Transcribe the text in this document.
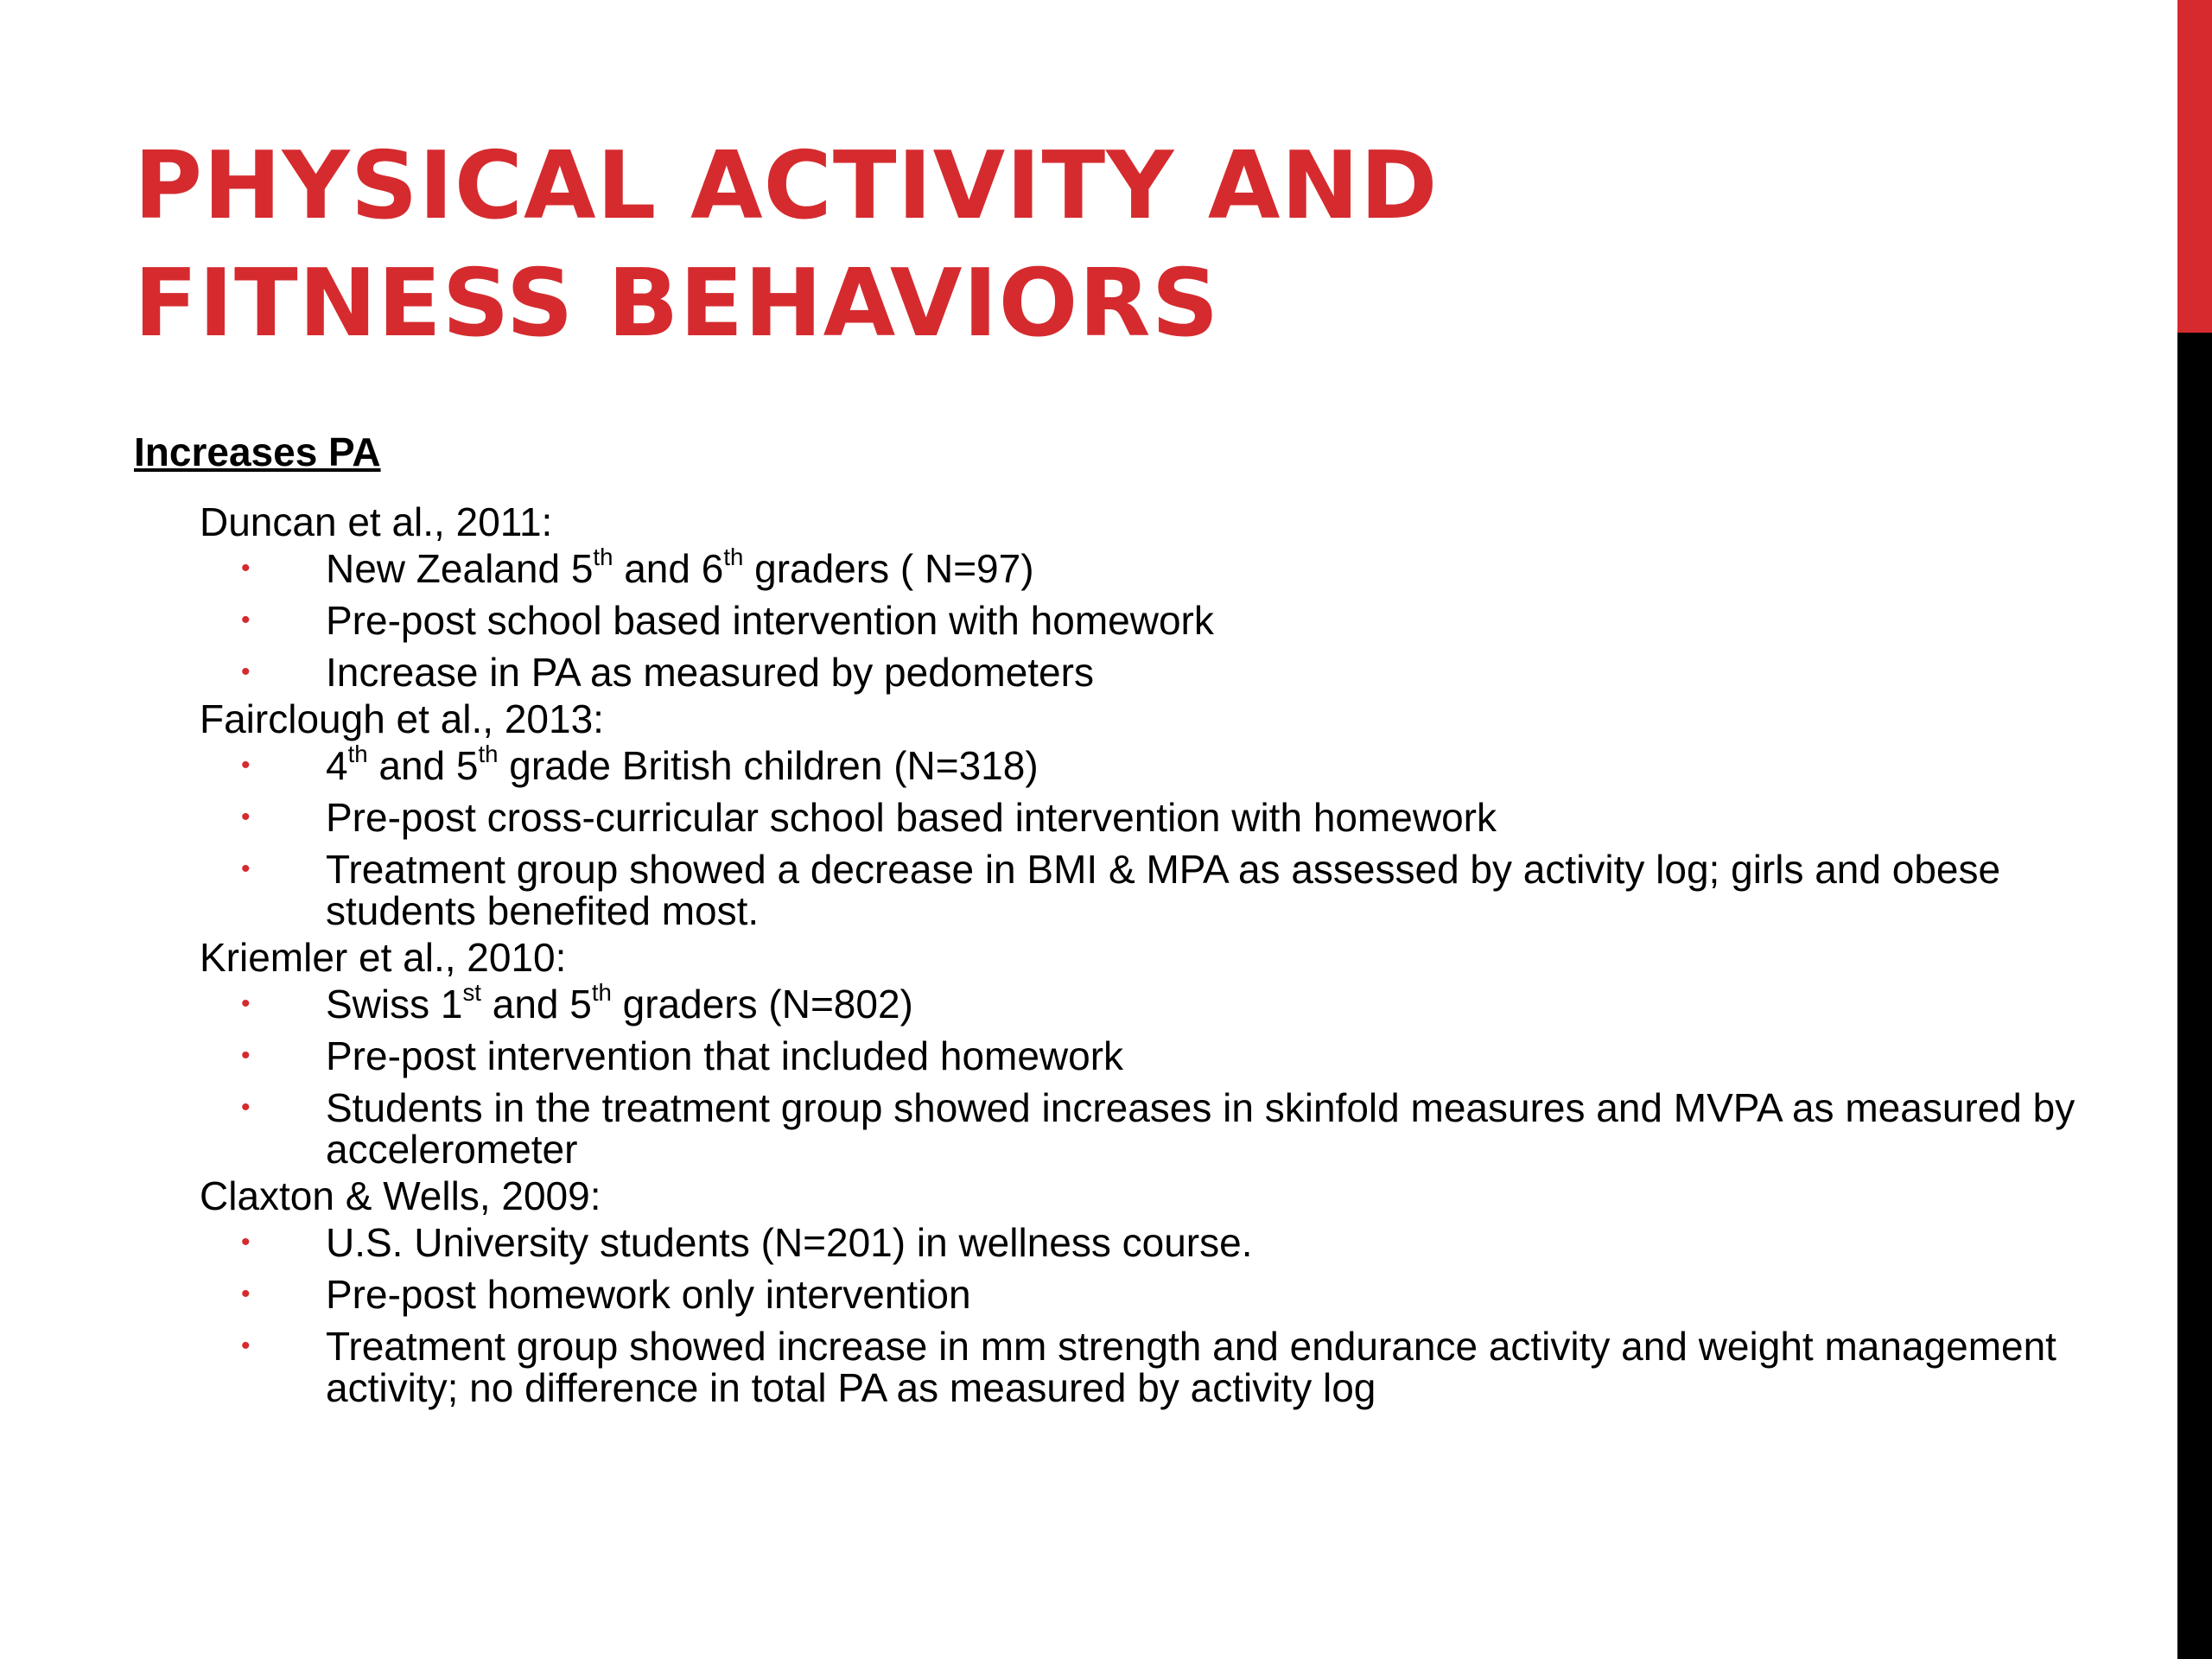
PHYSICAL ACTIVITY AND
FITNESS BEHAVIORS
Increases PA
Duncan et al., 2011:
• New Zealand 5th and 6th graders ( N=97)
• Pre-post school based intervention with homework
• Increase in PA as measured by pedometers
Fairclough et al., 2013:
• 4th and 5th grade British children (N=318)
• Pre-post cross-curricular school based intervention with homework
• Treatment group showed a decrease in BMI & MPA as assessed by activity log; girls and obese students benefited most.
Kriemler et al., 2010:
• Swiss 1st and 5th graders (N=802)
• Pre-post intervention that included homework
• Students in the treatment group showed increases in skinfold measures and MVPA as measured by accelerometer
Claxton & Wells, 2009:
• U.S. University students (N=201) in wellness course.
• Pre-post homework only intervention
• Treatment group showed increase in mm strength and endurance activity and weight management activity; no difference in total PA as measured by activity log
